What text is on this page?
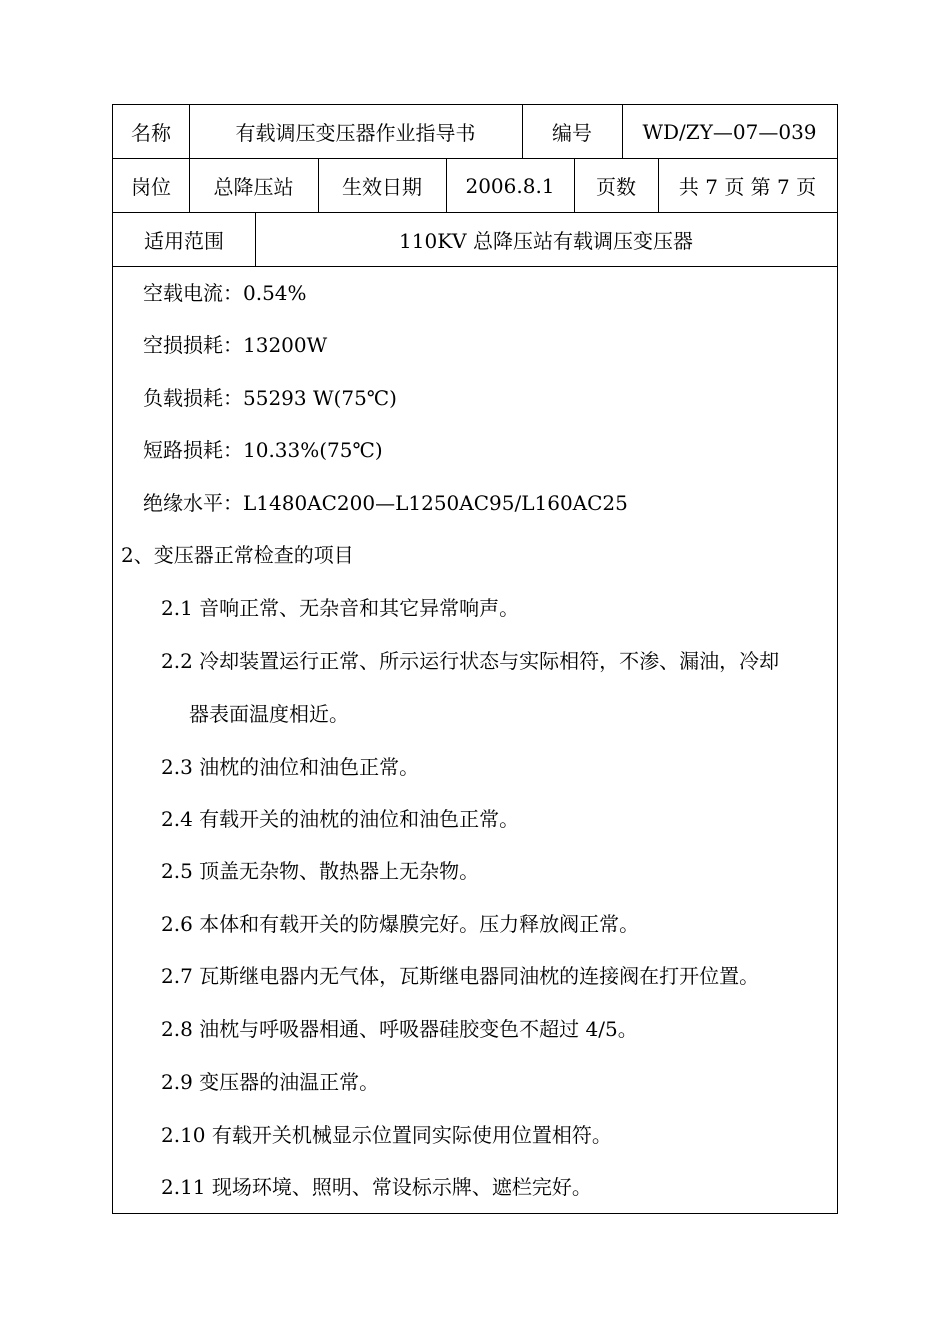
名称	有载调压变压器作业指导书	编号	WD/ZY—07—039
岗位	总降压站	生效日期	2006.8.1	页数	共 7 页 第 7 页
适用范围	110KV 总降压站有载调压变压器
空载电流：0.54%
空损损耗：13200W
负载损耗：55293 W(75℃)
短路损耗：10.33%(75℃)
绝缘水平：L1480AC200—L1250AC95/L160AC25
2、变压器正常检查的项目
2.1 音响正常、无杂音和其它异常响声。
2.2 冷却装置运行正常、所示运行状态与实际相符，不渗、漏油，冷却
器表面温度相近。
2.3 油枕的油位和油色正常。
2.4 有载开关的油枕的油位和油色正常。
2.5 顶盖无杂物、散热器上无杂物。
2.6 本体和有载开关的防爆膜完好。压力释放阀正常。
2.7 瓦斯继电器内无气体，瓦斯继电器同油枕的连接阀在打开位置。
2.8 油枕与呼吸器相通、呼吸器硅胶变色不超过 4/5。
2.9 变压器的油温正常。
2.10 有载开关机械显示位置同实际使用位置相符。
2.11 现场环境、照明、常设标示牌、遮栏完好。
